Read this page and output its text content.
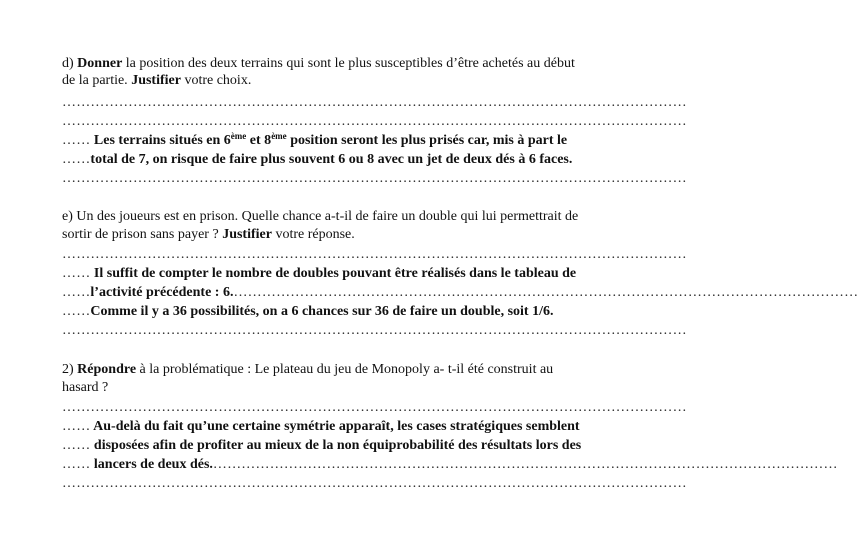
d) Donner la position des deux terrains qui sont le plus susceptibles d’être achetés au début
de la partie. Justifier votre choix.
……………………………………………………………………………………………………………………
……………………………………………………………………………………………………………………
…… Les terrains situés en 6ème et 8ème position seront les plus prisés car, mis à part le
……total de 7, on risque de faire plus souvent 6 ou 8 avec un jet de deux dés à 6 faces.
……………………………………………………………………………………………………………………
e) Un des joueurs est en prison. Quelle chance a-t-il de faire un double qui lui permettrait de
sortir de prison sans payer ? Justifier votre réponse.
……………………………………………………………………………………………………………………
…… Il suffit de compter le nombre de doubles pouvant être réalisés dans le tableau de
……l’activité précédente : 6.……………………………………………………………………………………………………………………
……Comme il y a 36 possibilités, on a 6 chances sur 36 de faire un double, soit 1/6.
……………………………………………………………………………………………………………………
2) Répondre à la problématique : Le plateau du jeu de Monopoly a- t-il été construit au
hasard ?
……………………………………………………………………………………………………………………
…… Au-delà du fait qu’une certaine symétrie apparaît, les cases stratégiques semblent
…… disposées afin de profiter au mieux de la non équiprobabilité des résultats lors des
…… lancers de deux dés.……………………………………………………………………………………………………………………
……………………………………………………………………………………………………………………
